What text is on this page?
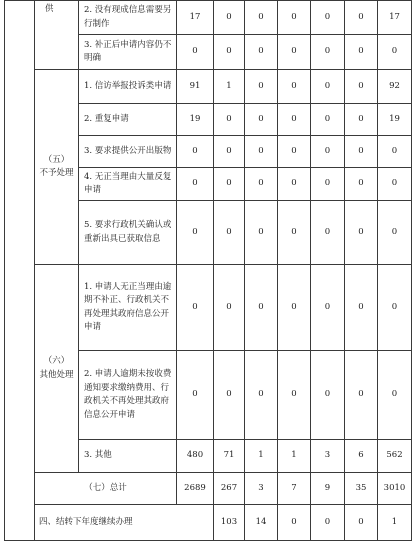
	供	2. 没有现成信息需要另行制作	17	0	0	0	0	0	17	
		3. 补正后申请内容仍不明确	0	0	0	0	0	0	0	

	（五）
不予处理	1. 信访举报投诉类申请	91	1	0	0	0	0	92	
		2. 重复申请	19	0	0	0	0	0	19	
		3. 要求提供公开出版物	0	0	0	0	0	0	0	
		4. 无正当理由大量反复申请	0	0	0	0	0	0	0	
		5. 要求行政机关确认或重新出具已获取信息	0	0	0	0	0	0	0	

	（六）
其他处理	1. 申请人无正当理由逾期不补正、行政机关不再处理其政府信息公开申请	0	0	0	0	0	0	0	
		2. 申请人逾期未按收费通知要求缴纳费用、行政机关不再处理其政府信息公开申请	0	0	0	0	0	0	0	
		3. 其他	480	71	1	1	3	6	562	
	（七）总计		2689	267	3	7	9	35	3010	
	四、结转下年度继续办理			103	14	0	0	0	1	
